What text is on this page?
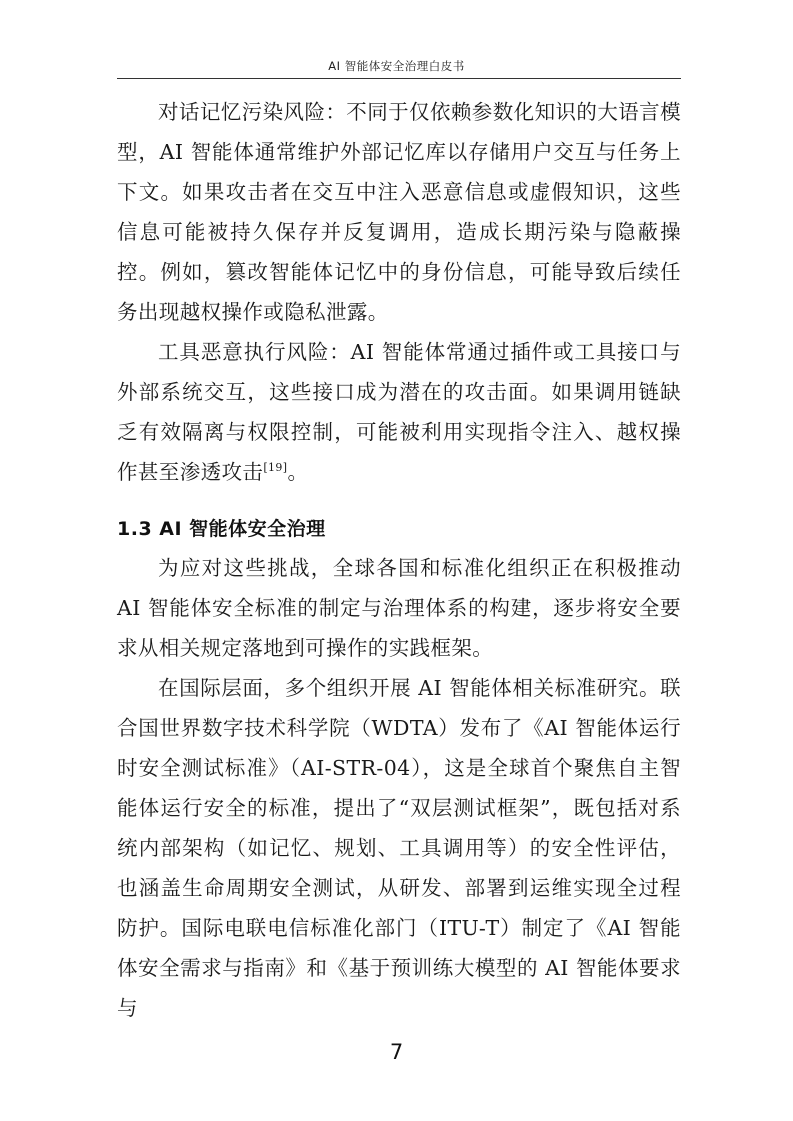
AI 智能体安全治理白皮书

对话记忆污染风险：不同于仅依赖参数化知识的大语言模型，AI 智能体通常维护外部记忆库以存储用户交互与任务上下文。如果攻击者在交互中注入恶意信息或虚假知识，这些信息可能被持久保存并反复调用，造成长期污染与隐蔽操控。例如，篡改智能体记忆中的身份信息，可能导致后续任务出现越权操作或隐私泄露。

工具恶意执行风险：AI 智能体常通过插件或工具接口与外部系统交互，这些接口成为潜在的攻击面。如果调用链缺乏有效隔离与权限控制，可能被利用实现指令注入、越权操作甚至渗透攻击[19]。

1.3 AI 智能体安全治理

为应对这些挑战，全球各国和标准化组织正在积极推动 AI 智能体安全标准的制定与治理体系的构建，逐步将安全要求从相关规定落地到可操作的实践框架。

在国际层面，多个组织开展 AI 智能体相关标准研究。联合国世界数字技术科学院（WDTA）发布了《AI 智能体运行时安全测试标准》（AI-STR-04），这是全球首个聚焦自主智能体运行安全的标准，提出了“双层测试框架”，既包括对系统内部架构（如记忆、规划、工具调用等）的安全性评估，也涵盖生命周期安全测试，从研发、部署到运维实现全过程防护。国际电联电信标准化部门（ITU-T）制定了《AI 智能体安全需求与指南》和《基于预训练大模型的 AI 智能体要求与

7
